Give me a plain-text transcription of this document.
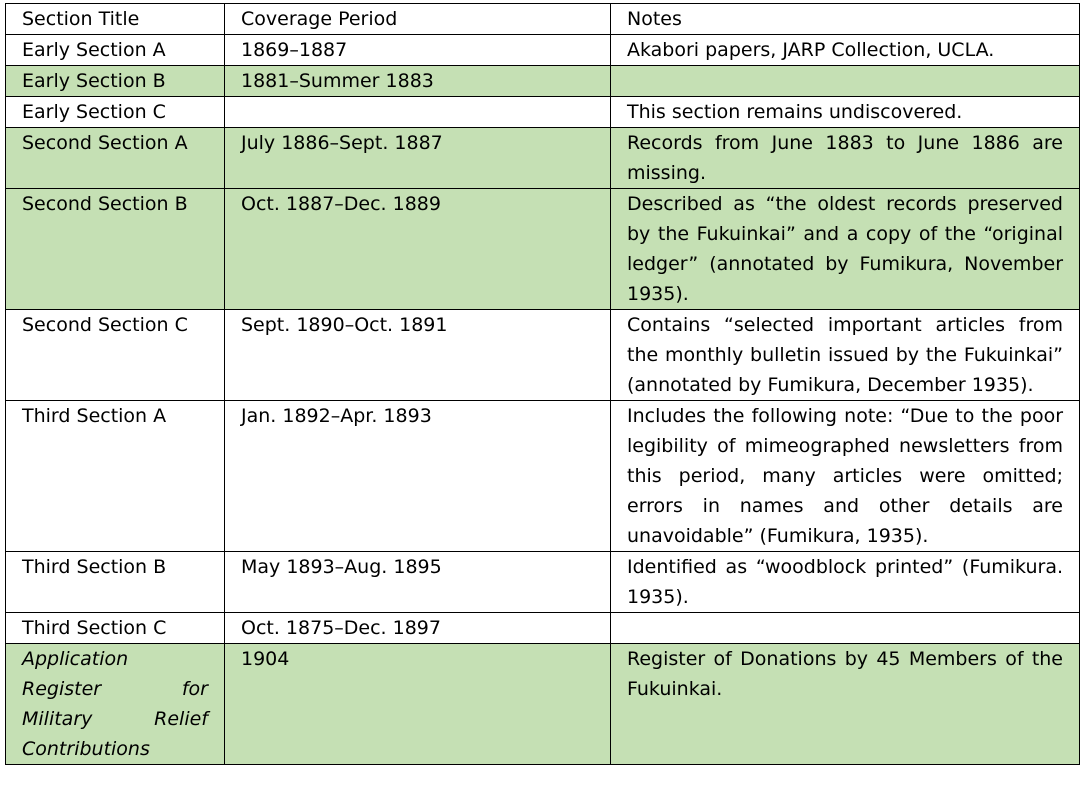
Section Title	Coverage Period	Notes
Early Section A	1869–1887	Akabori papers, JARP Collection, UCLA.
Early Section B	1881–Summer 1883	
Early Section C		This section remains undiscovered.
Second Section A	July 1886–Sept. 1887	Records from June 1883 to June 1886 are missing.
Second Section B	Oct. 1887–Dec. 1889	Described as “the oldest records preserved by the Fukuinkai” and a copy of the “original ledger” (annotated by Fumikura, November 1935).
Second Section C	Sept. 1890–Oct. 1891	Contains “selected important articles from the monthly bulletin issued by the Fukuinkai” (annotated by Fumikura, December 1935).
Third Section A	Jan. 1892–Apr. 1893	Includes the following note: “Due to the poor legibility of mimeographed newsletters from this period, many articles were omitted; errors in names and other details are unavoidable” (Fumikura, 1935).
Third Section B	May 1893–Aug. 1895	Identified as “woodblock printed” (Fumikura. 1935).
Third Section C	Oct. 1875–Dec. 1897	
Application Register for Military Relief Contributions	1904	Register of Donations by 45 Members of the Fukuinkai.
